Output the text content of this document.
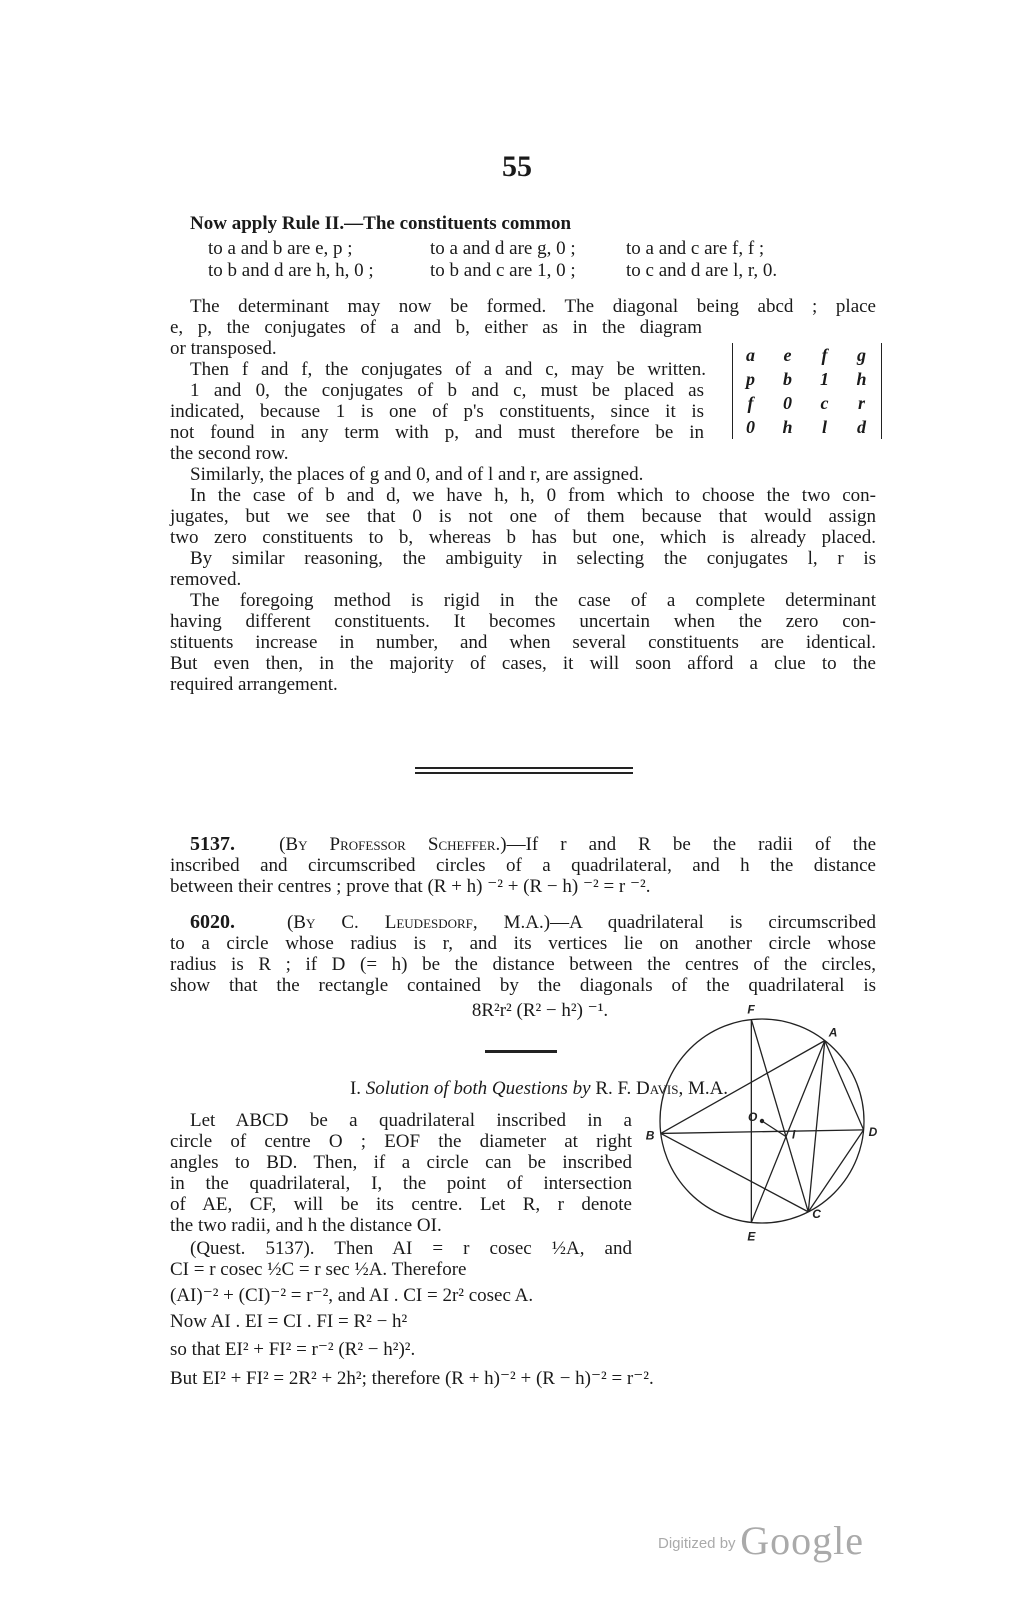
55
Now apply Rule II.—The constituents common
to a and b are e, p ;	to a and d are g, 0 ;	to a and c are f, f ;
to b and d are h, h, 0 ;	to b and c are 1, 0 ;	to c and d are l, r, 0.
The determinant may now be formed. The diagonal being abcd ; place
e, p, the conjugates of a and b, either as in the diagram
or transposed.
Then f and f, the conjugates of a and c, may be written.
1 and 0, the conjugates of b and c, must be placed as
indicated, because 1 is one of p's constituents, since it is
not found in any term with p, and must therefore be in
the second row.
a	e	f	g
p	b	1	h
f	0	c	r
0	h	l	d
Similarly, the places of g and 0, and of l and r, are assigned.
In the case of b and d, we have h, h, 0 from which to choose the two con-
jugates, but we see that 0 is not one of them because that would assign
two zero constituents to b, whereas b has but one, which is already placed.
By similar reasoning, the ambiguity in selecting the conjugates l, r is
removed.
The foregoing method is rigid in the case of a complete determinant
having different constituents. It becomes uncertain when the zero con-
stituents increase in number, and when several constituents are identical.
But even then, in the majority of cases, it will soon afford a clue to the
required arrangement.
5137. (By Professor Scheffer.)—If r and R be the radii of the
inscribed and circumscribed circles of a quadrilateral, and h the distance
between their centres ; prove that (R + h) ⁻² + (R − h) ⁻² = r ⁻².
6020.	(By C. Leudesdorf, M.A.)—A quadrilateral is circumscribed
to a circle whose radius is r, and its vertices lie on another circle whose
radius is R ; if D (= h) be the distance between the centres of the circles,
show that the rectangle contained by the diagonals of the quadrilateral is
8R²r² (R² − h²) ⁻¹.
I. Solution of both Questions by R. F. Davis, M.A.
Let ABCD be a quadrilateral inscribed in a
circle of centre O ; EOF the diameter at right
angles to BD. Then, if a circle can be inscribed
in the quadrilateral, I, the point of intersection
of AE, CF, will be its centre. Let R, r denote
the two radii, and h the distance OI.
(Quest. 5137). Then AI = r cosec ½A, and
CI = r cosec ½C = r sec ½A. Therefore
(AI)⁻² + (CI)⁻² = r⁻², and AI . CI = 2r² cosec A.
Now AI . EI = CI . FI = R² − h²
so that EI² + FI² = r⁻² (R² − h²)².
But EI² + FI² = 2R² + 2h²; therefore (R + h)⁻² + (R − h)⁻² = r⁻².
A
B
C
D
E
F
O
I
Digitized by Google
